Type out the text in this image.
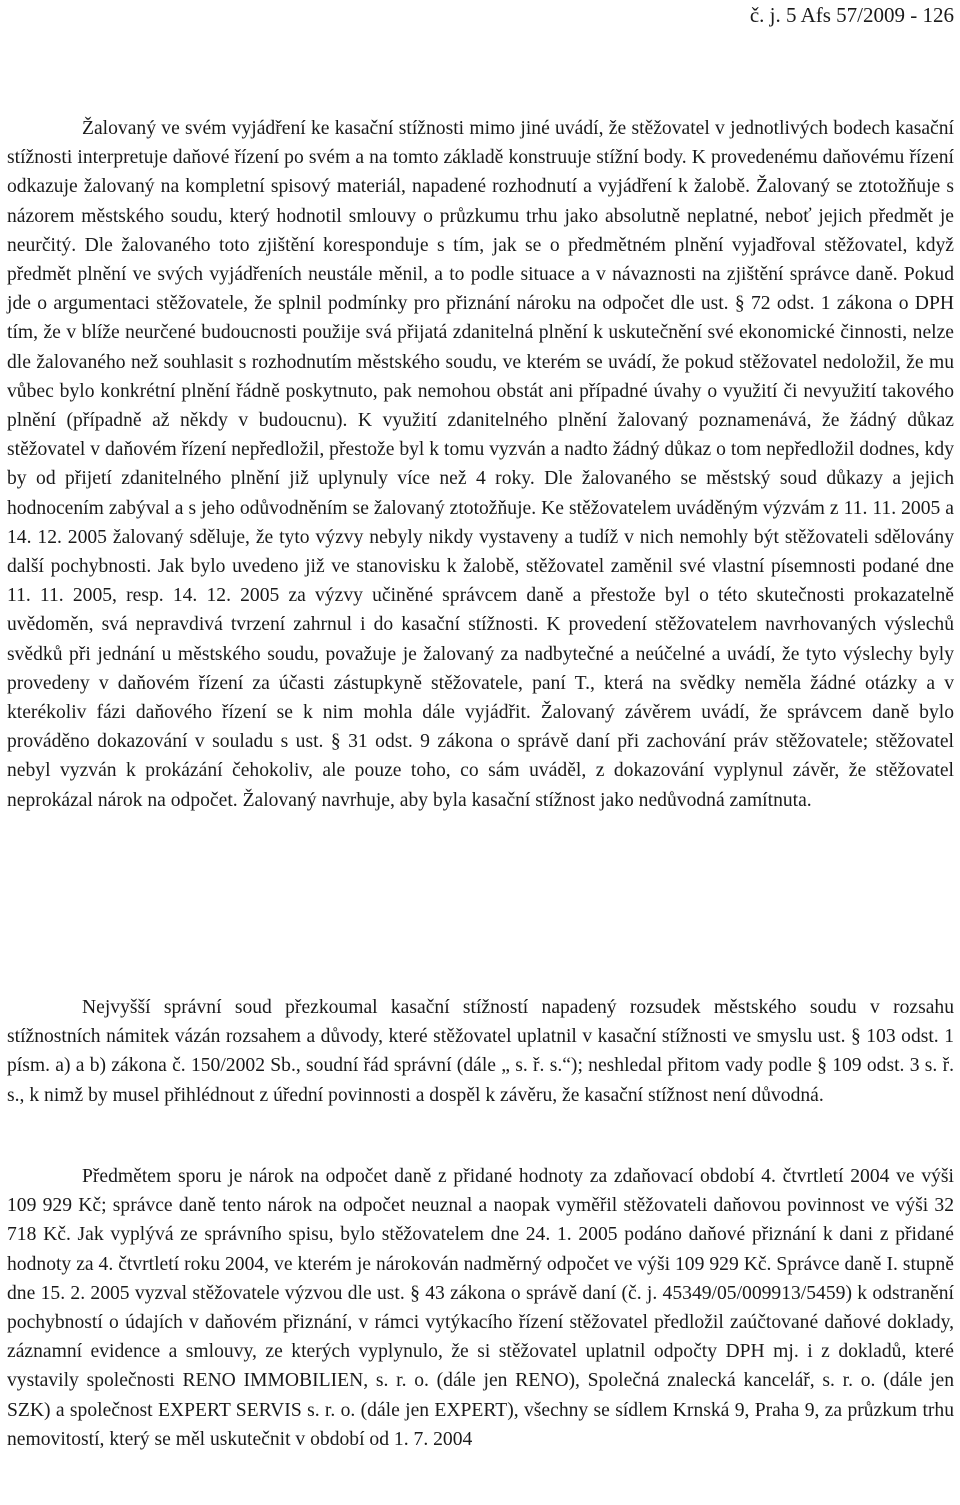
č. j. 5 Afs 57/2009 - 126

Žalovaný ve svém vyjádření ke kasační stížnosti mimo jiné uvádí, že stěžovatel v jednotlivých bodech kasační stížnosti interpretuje daňové řízení po svém a na tomto základě konstruuje stížní body. K provedenému daňovému řízení odkazuje žalovaný na kompletní spisový materiál, napadené rozhodnutí a vyjádření k žalobě. Žalovaný se ztotožňuje s názorem městského soudu, který hodnotil smlouvy o průzkumu trhu jako absolutně neplatné, neboť jejich předmět je neurčitý. Dle žalovaného toto zjištění koresponduje s tím, jak se o předmětném plnění vyjadřoval stěžovatel, když předmět plnění ve svých vyjádřeních neustále měnil, a to podle situace a v návaznosti na zjištění správce daně. Pokud jde o argumentaci stěžovatele, že splnil podmínky pro přiznání nároku na odpočet dle ust. § 72 odst. 1 zákona o DPH tím, že v blíže neurčené budoucnosti použije svá přijatá zdanitelná plnění k uskutečnění své ekonomické činnosti, nelze dle žalovaného než souhlasit s rozhodnutím městského soudu, ve kterém se uvádí, že pokud stěžovatel nedoložil, že mu vůbec bylo konkrétní plnění řádně poskytnuto, pak nemohou obstát ani případné úvahy o využití či nevyužití takového plnění (případně až někdy v budoucnu). K využití zdanitelného plnění žalovaný poznamenává, že žádný důkaz stěžovatel v daňovém řízení nepředložil, přestože byl k tomu vyzván a nadto žádný důkaz o tom nepředložil dodnes, kdy by od přijetí zdanitelného plnění již uplynuly více než 4 roky. Dle žalovaného se městský soud důkazy a jejich hodnocením zabýval a s jeho odůvodněním se žalovaný ztotožňuje. Ke stěžovatelem uváděným výzvám z 11. 11. 2005 a 14. 12. 2005 žalovaný sděluje, že tyto výzvy nebyly nikdy vystaveny a tudíž v nich nemohly být stěžovateli sdělovány další pochybnosti. Jak bylo uvedeno již ve stanovisku k žalobě, stěžovatel zaměnil své vlastní písemnosti podané dne 11. 11. 2005, resp. 14. 12. 2005 za výzvy učiněné správcem daně a přestože byl o této skutečnosti prokazatelně uvědoměn, svá nepravdivá tvrzení zahrnul i do kasační stížnosti. K provedení stěžovatelem navrhovaných výslechů svědků při jednání u městského soudu, považuje je žalovaný za nadbytečné a neúčelné a uvádí, že tyto výslechy byly provedeny v daňovém řízení za účasti zástupkyně stěžovatele, paní T., která na svědky neměla žádné otázky a v kterékoliv fázi daňového řízení se k nim mohla dále vyjádřit. Žalovaný závěrem uvádí, že správcem daně bylo prováděno dokazování v souladu s ust. § 31 odst. 9 zákona o správě daní při zachování práv stěžovatele; stěžovatel nebyl vyzván k prokázání čehokoliv, ale pouze toho, co sám uváděl, z dokazování vyplynul závěr, že stěžovatel neprokázal nárok na odpočet. Žalovaný navrhuje, aby byla kasační stížnost jako nedůvodná zamítnuta.

Nejvyšší správní soud přezkoumal kasační stížností napadený rozsudek městského soudu v rozsahu stížnostních námitek vázán rozsahem a důvody, které stěžovatel uplatnil v kasační stížnosti ve smyslu ust. § 103 odst. 1 písm. a) a b) zákona č. 150/2002 Sb., soudní řád správní (dále „ s. ř. s.“); neshledal přitom vady podle § 109 odst. 3 s. ř. s., k nimž by musel přihlédnout z úřední povinnosti a dospěl k závěru, že kasační stížnost není důvodná.

Předmětem sporu je nárok na odpočet daně z přidané hodnoty za zdaňovací období 4. čtvrtletí 2004 ve výši 109 929 Kč; správce daně tento nárok na odpočet neuznal a naopak vyměřil stěžovateli daňovou povinnost ve výši 32 718 Kč. Jak vyplývá ze správního spisu, bylo stěžovatelem dne 24. 1. 2005 podáno daňové přiznání k dani z přidané hodnoty za 4. čtvrtletí roku 2004, ve kterém je nárokován nadměrný odpočet ve výši 109 929 Kč. Správce daně I. stupně dne 15. 2. 2005 vyzval stěžovatele výzvou dle ust. § 43 zákona o správě daní (č. j. 45349/05/009913/5459) k odstranění pochybností o údajích v daňovém přiznání, v rámci vytýkacího řízení stěžovatel předložil zaúčtované daňové doklady, záznamní evidence a smlouvy, ze kterých vyplynulo, že si stěžovatel uplatnil odpočty DPH mj. i z dokladů, které vystavily společnosti RENO IMMOBILIEN, s. r. o. (dále jen RENO), Společná znalecká kancelář, s. r. o. (dále jen SZK) a společnost EXPERT SERVIS s. r. o. (dále jen EXPERT), všechny se sídlem Krnská 9, Praha 9, za průzkum trhu nemovitostí, který se měl uskutečnit v období od 1. 7. 2004
